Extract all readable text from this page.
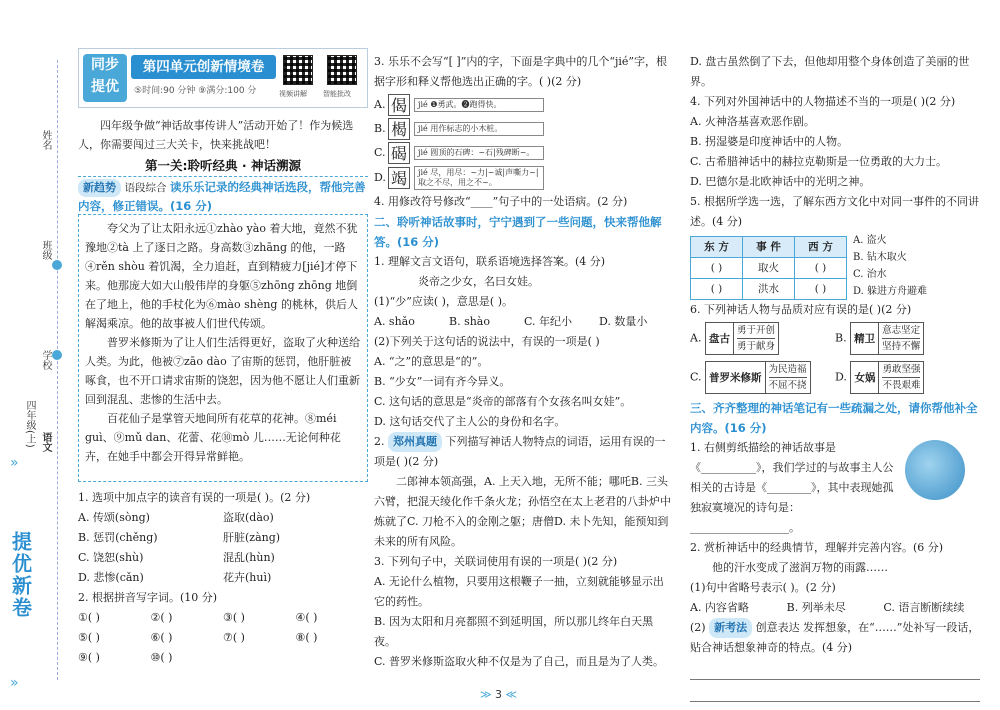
姓名
班级
学校
语文
四年级(上)
»
提优新卷
»
同步
提优
第四单元创新情境卷
⑤时间:90 分钟 ⑨满分:100 分	视频讲解 智能批改

四年级争做“神话故事传讲人”活动开始了！作为候选人，你需要闯过三大关卡，快来挑战吧！

第一关:聆听经典 · 神话溯源
新趋势 语段综合 读乐乐记录的经典神话选段，帮他完善内容，修正错误。(16 分)

夸父为了让太阳永远①zhào yào 着大地，竟然不犹豫地②tà 上了逐日之路。身高数③zhāng 的他，一路④rěn shòu 着饥渴，全力追赶，直到精疲力[jié]才停下来。他那庞大如大山般伟岸的身躯⑤zhōng zhōng 地倒在了地上，他的手杖化为⑥mào shèng 的桃林，供后人解渴乘凉。他的故事被人们世代传颂。

普罗米修斯为了让人们生活得更好，盗取了火种送给人类。为此，他被⑦zāo dào 了宙斯的惩罚，他肝脏被啄食，也不开口请求宙斯的饶恕，因为他不愿让人们重新回到混乱、悲惨的生活中去。

百花仙子是掌管天地间所有花草的花神。⑧méi guì、⑨mǔ dan、花蕾、花⑩mò 儿……无论何种花卉，在她手中都会开得异常鲜艳。

1. 选项中加点字的读音有误的一项是( )。(2 分)
A. 传颂(sòng)	盗取(dào)
B. 惩罚(chěng)	肝脏(zàng)
C. 饶恕(shù)	混乱(hùn)
D. 悲惨(cǎn)	花卉(huì)
2. 根据拼音写字词。(10 分)
①( )	②( )	③( )	④( )
⑤( )	⑥( )	⑦( )	⑧( )
⑨( )	⑩( )
3. 乐乐不会写“[ ]”内的字，下面是字典中的几个“jié”字，根据字形和释义帮他选出正确的字。( )(2 分)
A. 偈	jié ❶勇武。❷跑得快。
B. 楬	jié 用作标志的小木桩。
C. 碣	jié 圆顶的石碑：~石|残碑断~。
D. 竭	jié 尽，用尽：~力|~诚|声嘶力~|取之不尽，用之不~。
4. 用修改符号修改“____”句子中的一处语病。(2 分)
二、聆听神话故事时，宁宁遇到了一些问题，快来帮他解答。(16 分)
1. 理解文言文语句，联系语境选择答案。(4 分)
炎帝之少女，名曰女娃。
(1)“少”应读( )，意思是( )。
A. shǎo	B. shào	C. 年纪小	D. 数量小
(2)下列关于这句话的说法中，有误的一项是( )
A. “之”的意思是“的”。
B. “少女”一词有齐今异义。
C. 这句话的意思是“炎帝的部落有个女孩名叫女娃”。
D. 这句话交代了主人公的身份和名字。
2. 郑州真题 下列描写神话人物特点的词语，运用有误的一项是( )(2 分)
二郎神本领高强，A. 上天入地，无所不能；哪吒B. 三头六臂，把混天绫化作千条火龙；孙悟空在太上老君的八卦炉中炼就了C. 刀枪不入的金刚之躯；唐僧D. 未卜先知，能预知到未来的所有风险。
3. 下列句子中，关联词使用有误的一项是( )(2 分)
A. 无论什么植物，只要用这根鞭子一抽，立刻就能够显示出它的药性。
B. 因为太阳和月亮都照不到延明国，所以那儿终年白天黑夜。
C. 普罗米修斯盗取火种不仅是为了自己，而且是为了人类。
D. 盘古虽然倒了下去，但他却用整个身体创造了美丽的世界。
4. 下列对外国神话中的人物描述不当的一项是( )(2 分)
A. 火神洛基喜欢恶作剧。
B. 拐湿婆是印度神话中的人物。
C. 古希腊神话中的赫拉克勒斯是一位勇敢的大力士。
D. 巴德尔是北欧神话中的光明之神。
5. 根据所学选一选，了解东西方文化中对同一事件的不同讲述。(4 分)
东 方	事 件	西 方
( )	取火	( )
( )	洪水	( )
A. 盗火
B. 钻木取火
C. 治水
D. 躲进方舟避难
6. 下列神话人物与品质对应有误的是( )(2 分)
A. 盘古
勇于开创
勇于献身
B. 精卫
意志坚定
坚持不懈
C. 普罗米修斯
为民造福
不屈不挠
D. 女娲
勇敢坚强
不畏艰难
三、齐齐整理的神话笔记有一些疏漏之处，请你帮他补全内容。(16 分)
1. 右侧剪纸描绘的神话故事是《__________》，我们学过的与故事主人公相关的古诗是《________》，其中表现她孤独寂寞境况的诗句是：__________________。
2. 赏析神话中的经典情节，理解并完善内容。(6 分)
他的汗水变成了滋润万物的雨露……
(1)句中省略号表示( )。(2 分)
A. 内容省略	B. 列举未尽	C. 语言断断续续
(2) 新考法 创意表达 发挥想象，在“……”处补写一段话，贴合神话想象神奇的特点。(4 分)
≫ 3 ≪
